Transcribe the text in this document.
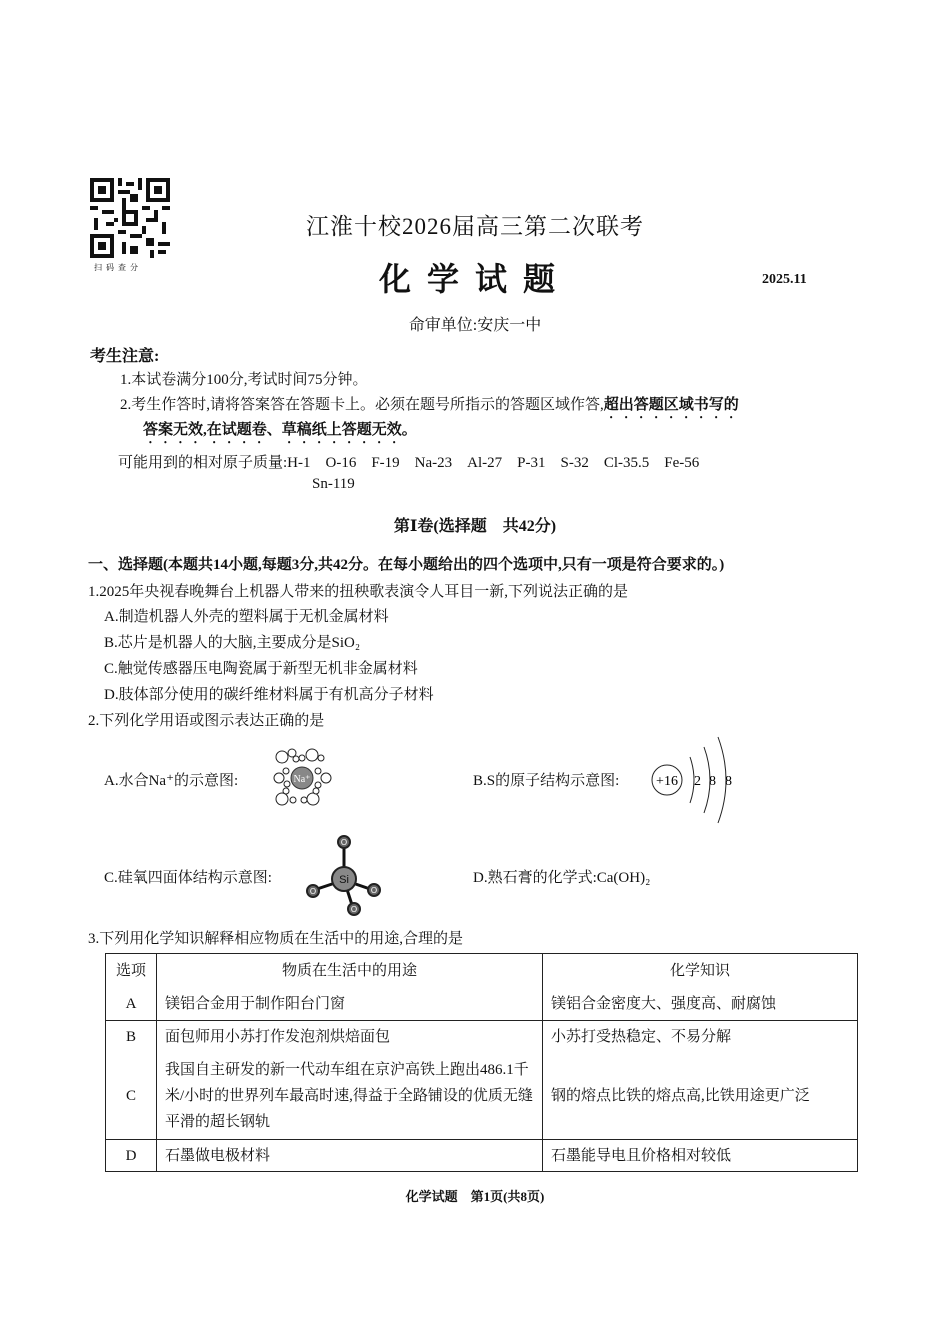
扫码查分
江淮十校2026届高三第二次联考
化学试题	2025.11
命审单位:安庆一中
考生注意:
1.本试卷满分100分,考试时间75分钟。
2.考生作答时,请将答案答在答题卡上。必须在题号所指示的答题区域作答,超出答题区域书写的
答案无效,在试题卷、草稿纸上答题无效。
可能用到的相对原子质量:H-1　O-16　F-19　Na-23　Al-27　P-31　S-32　Cl-35.5　Fe-56
Sn-119
第Ⅰ卷(选择题　共42分)
一、选择题(本题共14小题,每题3分,共42分。在每小题给出的四个选项中,只有一项是符合要求的。)
1.2025年央视春晚舞台上机器人带来的扭秧歌表演令人耳目一新,下列说法正确的是
A.制造机器人外壳的塑料属于无机金属材料
B.芯片是机器人的大脑,主要成分是SiO₂
C.触觉传感器压电陶瓷属于新型无机非金属材料
D.肢体部分使用的碳纤维材料属于有机高分子材料
2.下列化学用语或图示表达正确的是
A.水合Na⁺的示意图:	Na⁺	B.S的原子结构示意图:	+16 2 8 8
C.硅氧四面体结构示意图:
O
O	O
O
Si	D.熟石膏的化学式:Ca(OH)₂
3.下列用化学知识解释相应物质在生活中的用途,合理的是
选项	物质在生活中的用途	化学知识
A	镁铝合金用于制作阳台门窗	镁铝合金密度大、强度高、耐腐蚀
B	面包师用小苏打作发泡剂烘焙面包	小苏打受热稳定、不易分解
C	我国自主研发的新一代动车组在京沪高铁上跑出486.1千米/小时的世界列车最高时速,得益于全路铺设的优质无缝平滑的超长钢轨	钢的熔点比铁的熔点高,比铁用途更广泛
D	石墨做电极材料	石墨能导电且价格相对较低
化学试题　第1页(共8页)
